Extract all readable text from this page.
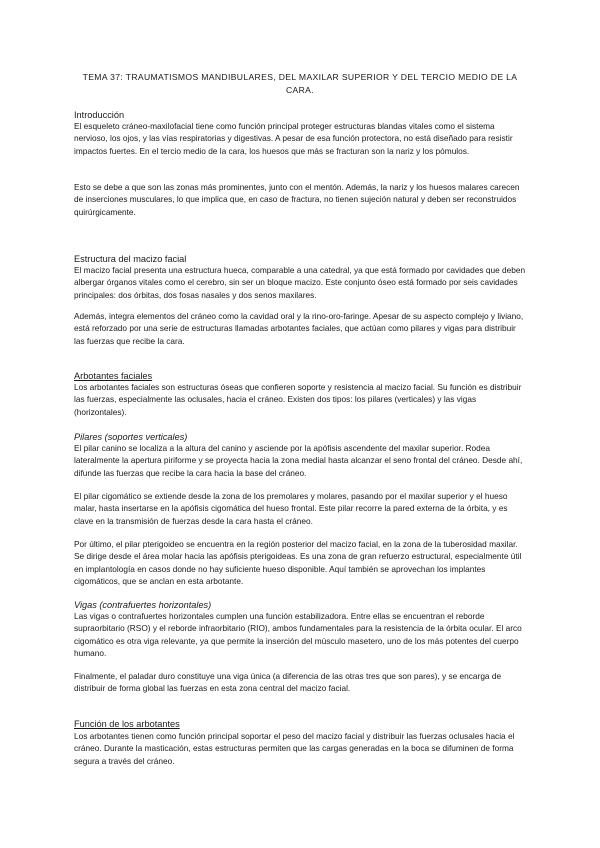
TEMA 37: TRAUMATISMOS MANDIBULARES, DEL MAXILAR SUPERIOR Y DEL TERCIO MEDIO DE LA CARA.
Introducción
El esqueleto cráneo-maxilofacial tiene como función principal proteger estructuras blandas vitales como el sistema nervioso, los ojos, y las vías respiratorias y digestivas. A pesar de esa función protectora, no está diseñado para resistir impactos fuertes. En el tercio medio de la cara, los huesos que más se fracturan son la nariz y los pómulos.
Esto se debe a que son las zonas más prominentes, junto con el mentón. Además, la nariz y los huesos malares carecen de inserciones musculares, lo que implica que, en caso de fractura, no tienen sujeción natural y deben ser reconstruidos quirúrgicamente.
Estructura del macizo facial
El macizo facial presenta una estructura hueca, comparable a una catedral, ya que está formado por cavidades que deben albergar órganos vitales como el cerebro, sin ser un bloque macizo. Este conjunto óseo está formado por seis cavidades principales: dos órbitas, dos fosas nasales y dos senos maxilares.
Además, integra elementos del cráneo como la cavidad oral y la rino-oro-faringe. Apesar de su aspecto complejo y liviano, está reforzado por una serie de estructuras llamadas arbotantes faciales, que actúan como pilares y vigas para distribuir las fuerzas que recibe la cara.
Arbotantes faciales
Los arbotantes faciales son estructuras óseas que confieren soporte y resistencia al macizo facial. Su función es distribuir las fuerzas, especialmente las oclusales, hacia el cráneo. Existen dos tipos: los pilares (verticales) y las vigas (horizontales).
Pilares (soportes verticales)
El pilar canino se localiza a la altura del canino y asciende por la apófisis ascendente del maxilar superior. Rodea lateralmente la apertura piriforme y se proyecta hacia la zona medial hasta alcanzar el seno frontal del cráneo. Desde ahí, difunde las fuerzas que recibe la cara hacia la base del cráneo.
El pilar cigomático se extiende desde la zona de los premolares y molares, pasando por el maxilar superior y el hueso malar, hasta insertarse en la apófisis cigomática del hueso frontal. Este pilar recorre la pared externa de la órbita, y es clave en la transmisión de fuerzas desde la cara hasta el cráneo.
Por último, el pilar pterigoideo se encuentra en la región posterior del macizo facial, en la zona de la tuberosidad maxilar. Se dirige desde el área molar hacia las apófisis pterigoideas. Es una zona de gran refuerzo estructural, especialmente útil en implantología en casos donde no hay suficiente hueso disponible. Aquí también se aprovechan los implantes cigomáticos, que se anclan en esta arbotante.
Vigas (contrafuertes horizontales)
Las vigas o contrafuertes horizontales cumplen una función estabilizadora. Entre ellas se encuentran el reborde supraorbitario (RSO) y el reborde infraorbitario (RIO), ambos fundamentales para la resistencia de la órbita ocular. El arco cigomático es otra viga relevante, ya que permite la inserción del músculo masetero, uno de los más potentes del cuerpo humano.
Finalmente, el paladar duro constituye una viga única (a diferencia de las otras tres que son pares), y se encarga de distribuir de forma global las fuerzas en esta zona central del macizo facial.
Función de los arbotantes
Los arbotantes tienen como función principal soportar el peso del macizo facial y distribuir las fuerzas oclusales hacia el cráneo. Durante la masticación, estas estructuras permiten que las cargas generadas en la boca se difuminen de forma segura a través del cráneo.
